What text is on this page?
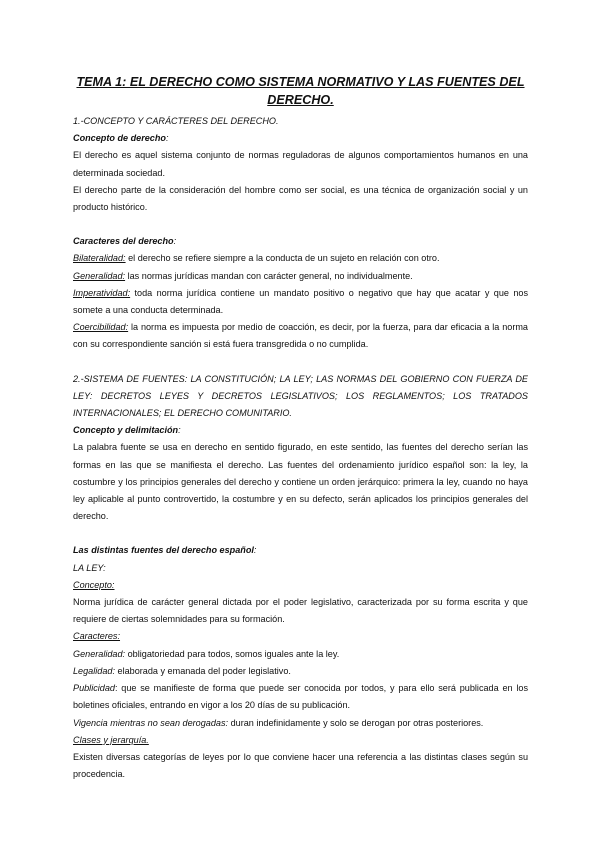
TEMA 1: EL DERECHO COMO SISTEMA NORMATIVO Y LAS FUENTES DEL DERECHO.

1.-CONCEPTO Y CARÁCTERES DEL DERECHO.

Concepto de derecho:

El derecho es aquel sistema conjunto de normas reguladoras de algunos comportamientos humanos en una determinada sociedad.

El derecho parte de la consideración del hombre como ser social, es una técnica de organización social y un producto histórico.

Caracteres del derecho:

Bilateralidad: el derecho se refiere siempre a la conducta de un sujeto en relación con otro.

Generalidad: las normas jurídicas mandan con carácter general, no individualmente.

Imperatividad: toda norma jurídica contiene un mandato positivo o negativo que hay que acatar y que nos somete a una conducta determinada.

Coercibilidad: la norma es impuesta por medio de coacción, es decir, por la fuerza, para dar eficacia a la norma con su correspondiente sanción si está fuera transgredida o no cumplida.

2.-SISTEMA DE FUENTES: LA CONSTITUCIÓN; LA LEY; LAS NORMAS DEL GOBIERNO CON FUERZA DE LEY: DECRETOS LEYES Y DECRETOS LEGISLATIVOS; LOS REGLAMENTOS; LOS TRATADOS INTERNACIONALES; EL DERECHO COMUNITARIO.

Concepto y delimitación:

La palabra fuente se usa en derecho en sentido figurado, en este sentido, las fuentes del derecho serían las formas en las que se manifiesta el derecho. Las fuentes del ordenamiento jurídico español son: la ley, la costumbre y los principios generales del derecho y contiene un orden jerárquico: primera la ley, cuando no haya ley aplicable al punto controvertido, la costumbre y en su defecto, serán aplicados los principios generales del derecho.

Las distintas fuentes del derecho español:

LA LEY:

Concepto:

Norma jurídica de carácter general dictada por el poder legislativo, caracterizada por su forma escrita y que requiere de ciertas solemnidades para su formación.

Caracteres:

Generalidad: obligatoriedad para todos, somos iguales ante la ley.

Legalidad: elaborada y emanada del poder legislativo.

Publicidad: que se manifieste de forma que puede ser conocida por todos, y para ello será publicada en los boletines oficiales, entrando en vigor a los 20 días de su publicación.

Vigencia mientras no sean derogadas: duran indefinidamente y solo se derogan por otras posteriores.

Clases y jerarquía.

Existen diversas categorías de leyes por lo que conviene hacer una referencia a las distintas clases según su procedencia.
